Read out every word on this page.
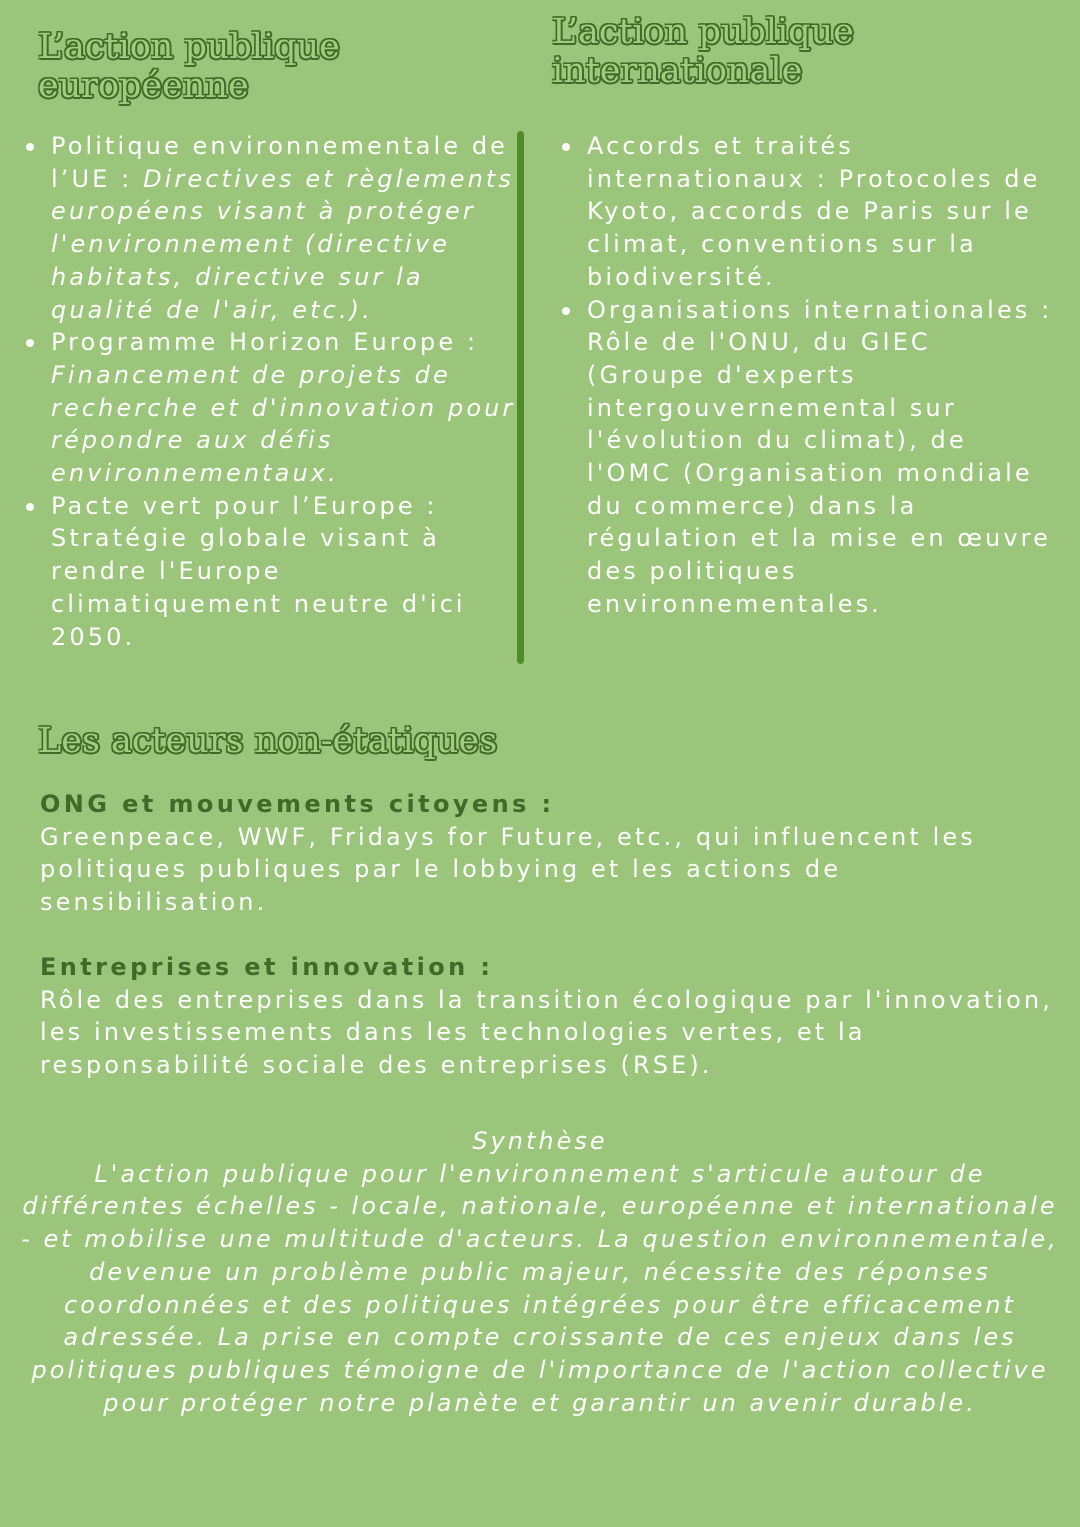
L’action publique européenne
L’action publique internationale
Politique environnementale de l’UE : Directives et règlements européens visant à protéger l'environnement (directive habitats, directive sur la qualité de l'air, etc.).
Programme Horizon Europe : Financement de projets de recherche et d'innovation pour répondre aux défis environnementaux.
Pacte vert pour l’Europe : Stratégie globale visant à rendre l'Europe climatiquement neutre d'ici 2050.
Accords et traités internationaux : Protocoles de Kyoto, accords de Paris sur le climat, conventions sur la biodiversité.
Organisations internationales : Rôle de l'ONU, du GIEC (Groupe d'experts intergouvernemental sur l'évolution du climat), de l'OMC (Organisation mondiale du commerce) dans la régulation et la mise en œuvre des politiques environnementales.
Les acteurs non-étatiques

ONG et mouvements citoyens :
Greenpeace, WWF, Fridays for Future, etc., qui influencent les politiques publiques par le lobbying et les actions de sensibilisation.

Entreprises et innovation :
Rôle des entreprises dans la transition écologique par l'innovation, les investissements dans les technologies vertes, et la responsabilité sociale des entreprises (RSE).

Synthèse
L'action publique pour l'environnement s'articule autour de différentes échelles - locale, nationale, européenne et internationale - et mobilise une multitude d'acteurs. La question environnementale, devenue un problème public majeur, nécessite des réponses coordonnées et des politiques intégrées pour être efficacement adressée. La prise en compte croissante de ces enjeux dans les politiques publiques témoigne de l'importance de l'action collective pour protéger notre planète et garantir un avenir durable.
